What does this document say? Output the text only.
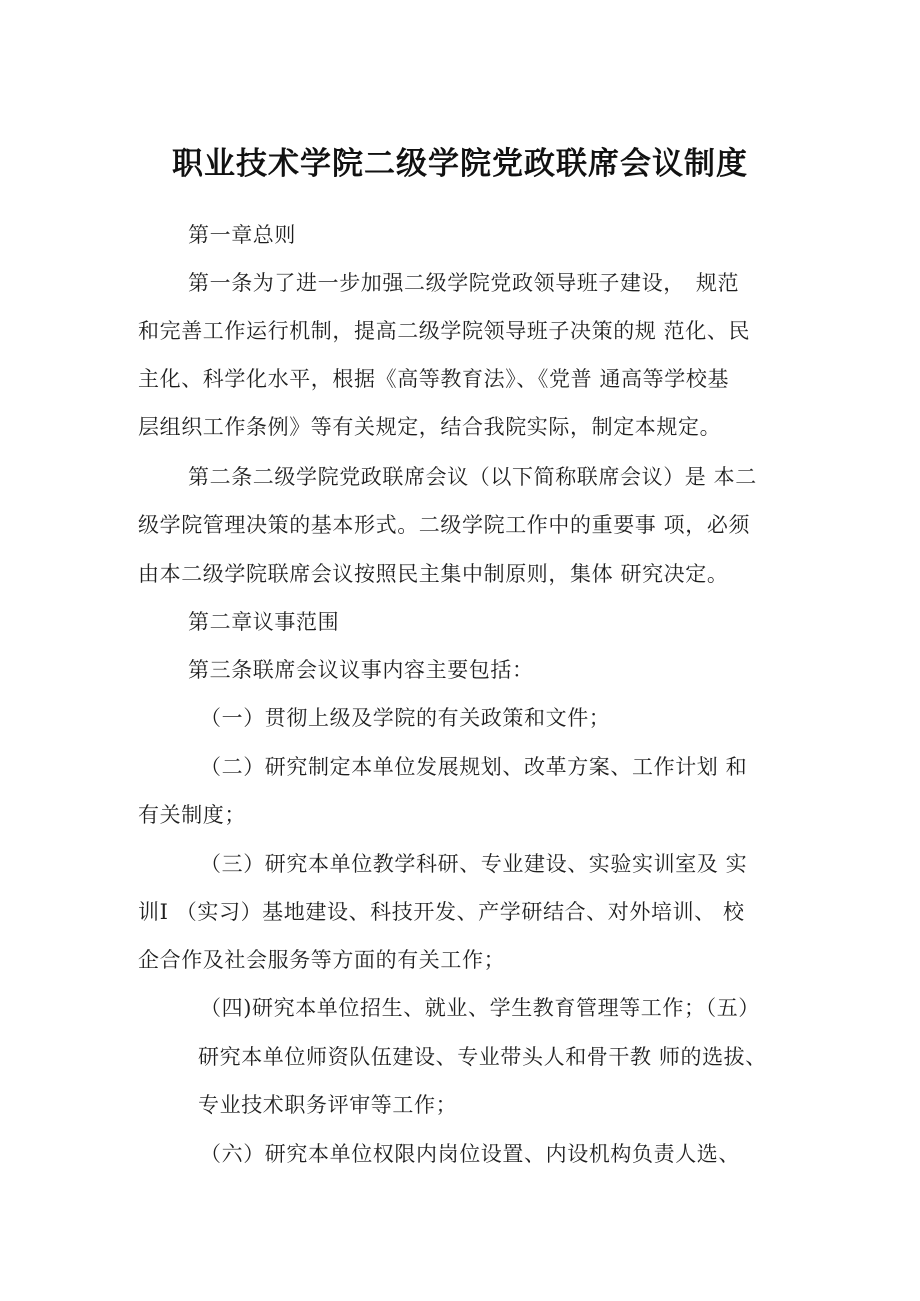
职业技术学院二级学院党政联席会议制度
第一章总则
第一条为了进一步加强二级学院党政领导班子建设，　规范
和完善工作运行机制，提高二级学院领导班子决策的规 范化、民
主化、科学化水平，根据《高等教育法》、《党普 通高等学校基
层组织工作条例》等有关规定，结合我院实际，制定本规定。
第二条二级学院党政联席会议（以下简称联席会议）是 本二
级学院管理决策的基本形式。二级学院工作中的重要事 项，必须
由本二级学院联席会议按照民主集中制原则，集体 研究决定。
第二章议事范围
第三条联席会议议事内容主要包括：
（一）贯彻上级及学院的有关政策和文件；
（二）研究制定本单位发展规划、改革方案、工作计划 和
有关制度；
（三）研究本单位教学科研、专业建设、实验实训室及 实
训I （实习）基地建设、科技开发、产学研结合、对外培训、 校
企合作及社会服务等方面的有关工作；
（四)研究本单位招生、就业、学生教育管理等工作；（五）
研究本单位师资队伍建设、专业带头人和骨干教 师的选拔、
专业技术职务评审等工作；
（六）研究本单位权限内岗位设置、内设机构负责人选、
